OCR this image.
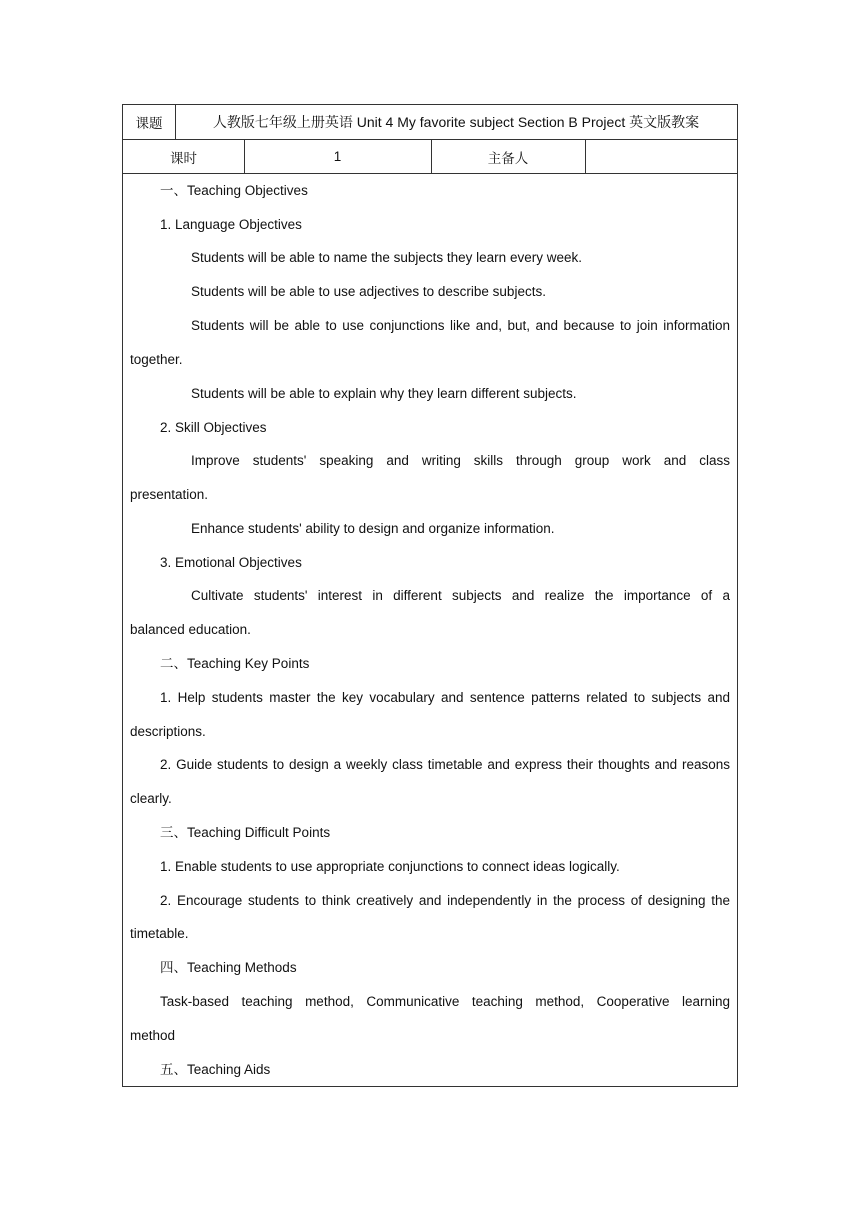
课题	人教版七年级上册英语 Unit 4 My favorite subject Section B Project 英文版教案
课时	1	主备人
一、Teaching Objectives
1. Language Objectives
Students will be able to name the subjects they learn every week.
Students will be able to use adjectives to describe subjects.
Students will be able to use conjunctions like and, but, and because to join information
together.
Students will be able to explain why they learn different subjects.
2. Skill Objectives
Improve students' speaking and writing skills through group work and class
presentation.
Enhance students' ability to design and organize information.
3. Emotional Objectives
Cultivate students' interest in different subjects and realize the importance of a
balanced education.
二、Teaching Key Points
1. Help students master the key vocabulary and sentence patterns related to subjects and
descriptions.
2. Guide students to design a weekly class timetable and express their thoughts and reasons
clearly.
三、Teaching Difficult Points
1. Enable students to use appropriate conjunctions to connect ideas logically.
2. Encourage students to think creatively and independently in the process of designing the
timetable.
四、Teaching Methods
Task-based teaching method, Communicative teaching method, Cooperative learning
method
五、Teaching Aids
